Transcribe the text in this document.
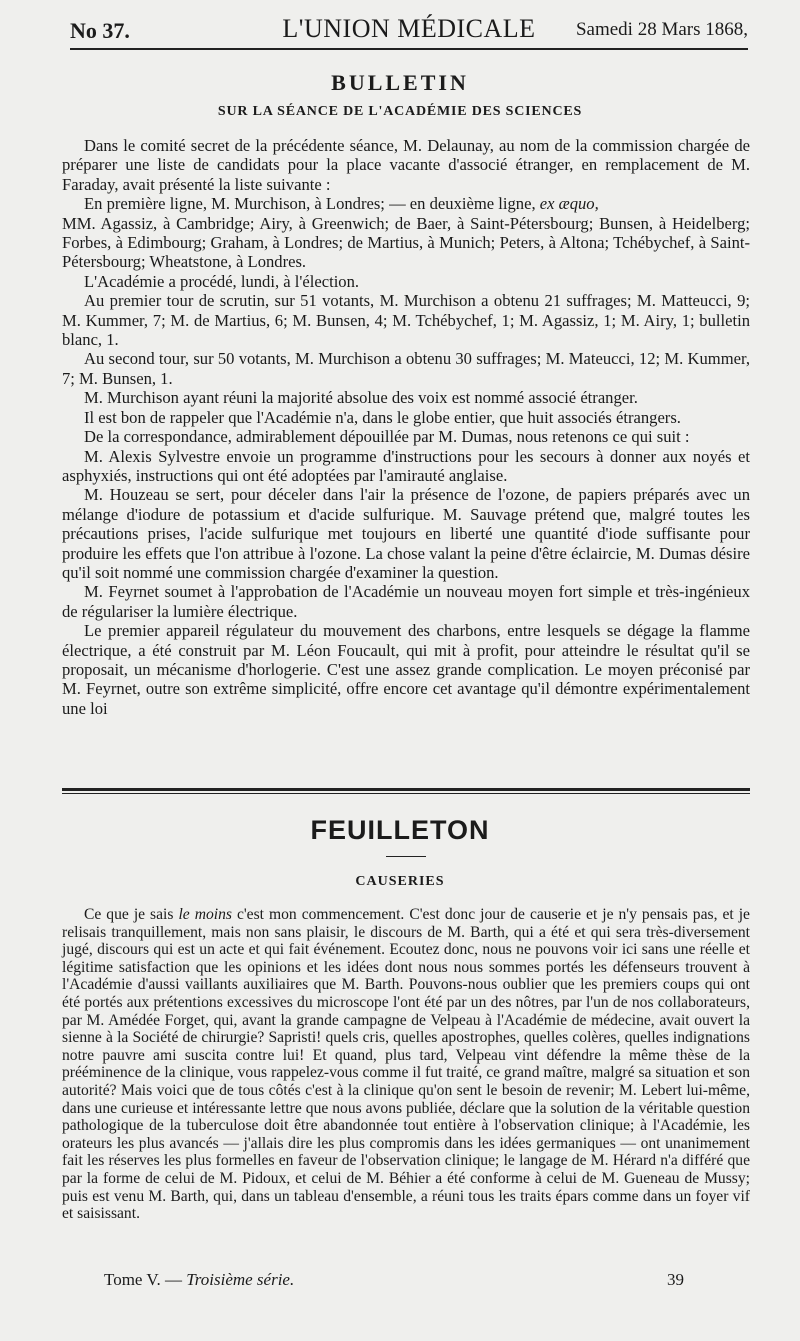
No 37.	L'UNION MÉDICALE	Samedi 28 Mars 1868,
BULLETIN
SUR LA SÉANCE DE L'ACADÉMIE DES SCIENCES

Dans le comité secret de la précédente séance, M. Delaunay, au nom de la commission chargée de préparer une liste de candidats pour la place vacante d'associé étranger, en remplacement de M. Faraday, avait présenté la liste suivante :

En première ligne, M. Murchison, à Londres; — en deuxième ligne, ex æquo,

MM. Agassiz, à Cambridge; Airy, à Greenwich; de Baer, à Saint-Pétersbourg; Bunsen, à Heidelberg; Forbes, à Edimbourg; Graham, à Londres; de Martius, à Munich; Peters, à Altona; Tchébychef, à Saint-Pétersbourg; Wheatstone, à Londres.

L'Académie a procédé, lundi, à l'élection.

Au premier tour de scrutin, sur 51 votants, M. Murchison a obtenu 21 suffrages; M. Matteucci, 9; M. Kummer, 7; M. de Martius, 6; M. Bunsen, 4; M. Tchébychef, 1; M. Agassiz, 1; M. Airy, 1; bulletin blanc, 1.

Au second tour, sur 50 votants, M. Murchison a obtenu 30 suffrages; M. Mateucci, 12; M. Kummer, 7; M. Bunsen, 1.

M. Murchison ayant réuni la majorité absolue des voix est nommé associé étranger.

Il est bon de rappeler que l'Académie n'a, dans le globe entier, que huit associés étrangers.

De la correspondance, admirablement dépouillée par M. Dumas, nous retenons ce qui suit :

M. Alexis Sylvestre envoie un programme d'instructions pour les secours à donner aux noyés et asphyxiés, instructions qui ont été adoptées par l'amirauté anglaise.

M. Houzeau se sert, pour déceler dans l'air la présence de l'ozone, de papiers préparés avec un mélange d'iodure de potassium et d'acide sulfurique. M. Sauvage prétend que, malgré toutes les précautions prises, l'acide sulfurique met toujours en liberté une quantité d'iode suffisante pour produire les effets que l'on attribue à l'ozone. La chose valant la peine d'être éclaircie, M. Dumas désire qu'il soit nommé une commission chargée d'examiner la question.

M. Feyrnet soumet à l'approbation de l'Académie un nouveau moyen fort simple et très-ingénieux de régulariser la lumière électrique.

Le premier appareil régulateur du mouvement des charbons, entre lesquels se dégage la flamme électrique, a été construit par M. Léon Foucault, qui mit à profit, pour atteindre le résultat qu'il se proposait, un mécanisme d'horlogerie. C'est une assez grande complication. Le moyen préconisé par M. Feyrnet, outre son extrême simplicité, offre encore cet avantage qu'il démontre expérimentalement une loi

FEUILLETON
CAUSERIES

Ce que je sais le moins c'est mon commencement. C'est donc jour de causerie et je n'y pensais pas, et je relisais tranquillement, mais non sans plaisir, le discours de M. Barth, qui a été et qui sera très-diversement jugé, discours qui est un acte et qui fait événement. Ecoutez donc, nous ne pouvons voir ici sans une réelle et légitime satisfaction que les opinions et les idées dont nous nous sommes portés les défenseurs trouvent à l'Académie d'aussi vaillants auxiliaires que M. Barth. Pouvons-nous oublier que les premiers coups qui ont été portés aux prétentions excessives du microscope l'ont été par un des nôtres, par l'un de nos collaborateurs, par M. Amédée Forget, qui, avant la grande campagne de Velpeau à l'Académie de médecine, avait ouvert la sienne à la Société de chirurgie? Sapristi! quels cris, quelles apostrophes, quelles colères, quelles indignations notre pauvre ami suscita contre lui! Et quand, plus tard, Velpeau vint défendre la même thèse de la prééminence de la clinique, vous rappelez-vous comme il fut traité, ce grand maître, malgré sa situation et son autorité? Mais voici que de tous côtés c'est à la clinique qu'on sent le besoin de revenir; M. Lebert lui-même, dans une curieuse et intéressante lettre que nous avons publiée, déclare que la solution de la véritable question pathologique de la tuberculose doit être abandonnée tout entière à l'observation clinique; à l'Académie, les orateurs les plus avancés — j'allais dire les plus compromis dans les idées germaniques — ont unanimement fait les réserves les plus formelles en faveur de l'observation clinique; le langage de M. Hérard n'a différé que par la forme de celui de M. Pidoux, et celui de M. Béhier a été conforme à celui de M. Gueneau de Mussy; puis est venu M. Barth, qui, dans un tableau d'ensemble, a réuni tous les traits épars comme dans un foyer vif et saisissant.

Tome V. — Troisième série.	39
